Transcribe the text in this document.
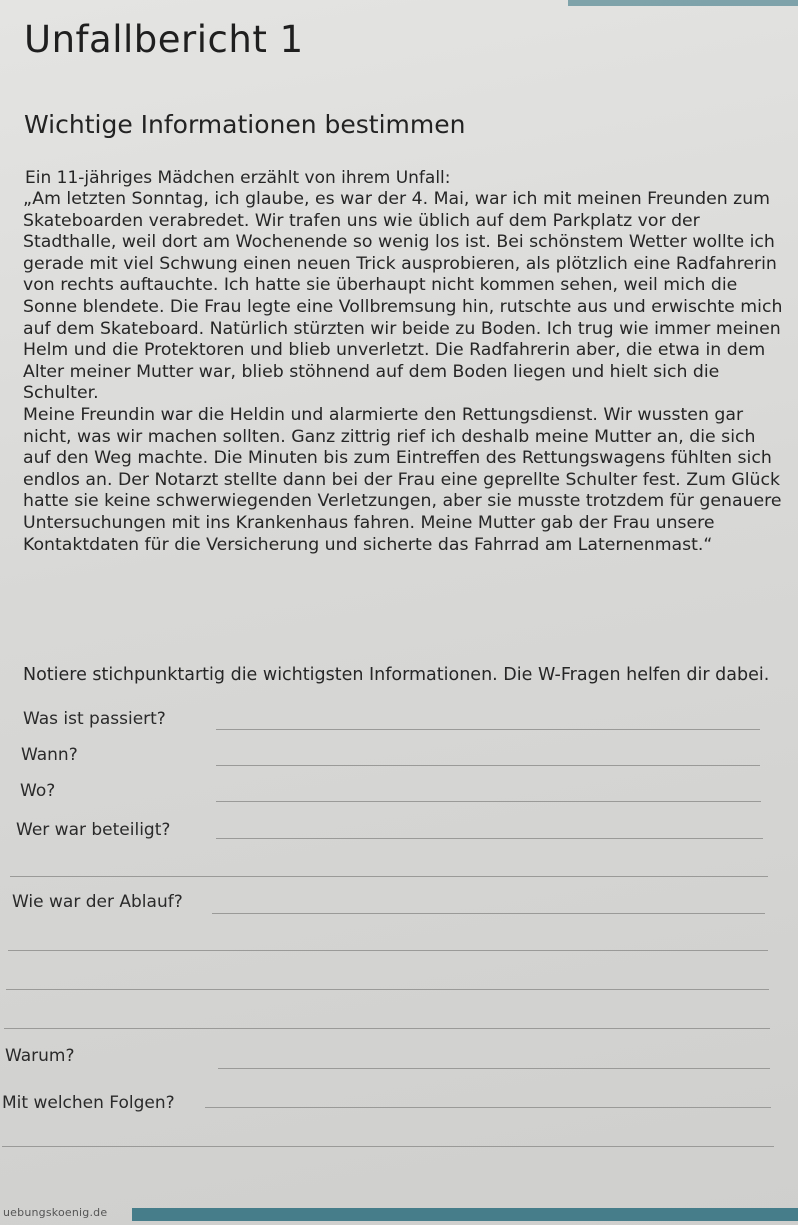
Unfallbericht 1
Wichtige Informationen bestimmen

Ein 11-jähriges Mädchen erzählt von ihrem Unfall:

„Am letzten Sonntag, ich glaube, es war der 4. Mai, war ich mit meinen Freunden zum Skateboarden verabredet. Wir trafen uns wie üblich auf dem Parkplatz vor der Stadthalle, weil dort am Wochenende so wenig los ist. Bei schönstem Wetter wollte ich gerade mit viel Schwung einen neuen Trick ausprobieren, als plötzlich eine Radfahrerin von rechts auftauchte. Ich hatte sie überhaupt nicht kommen sehen, weil mich die Sonne blendete. Die Frau legte eine Vollbremsung hin, rutschte aus und erwischte mich auf dem Skateboard. Natürlich stürzten wir beide zu Boden. Ich trug wie immer meinen Helm und die Protektoren und blieb unverletzt. Die Radfahrerin aber, die etwa in dem Alter meiner Mutter war, blieb stöhnend auf dem Boden liegen und hielt sich die Schulter.

Meine Freundin war die Heldin und alarmierte den Rettungsdienst. Wir wussten gar nicht, was wir machen sollten. Ganz zittrig rief ich deshalb meine Mutter an, die sich auf den Weg machte. Die Minuten bis zum Eintreffen des Rettungswagens fühlten sich endlos an. Der Notarzt stellte dann bei der Frau eine geprellte Schulter fest. Zum Glück hatte sie keine schwerwiegenden Verletzungen, aber sie musste trotzdem für genauere Untersuchungen mit ins Krankenhaus fahren. Meine Mutter gab der Frau unsere Kontaktdaten für die Versicherung und sicherte das Fahrrad am Laternenmast.“

Notiere stichpunktartig die wichtigsten Informationen. Die W-Fragen helfen dir dabei.

Was ist passiert?
Wann?
Wo?
Wer war beteiligt?
Wie war der Ablauf?
Warum?
Mit welchen Folgen?
uebungskoenig.de
